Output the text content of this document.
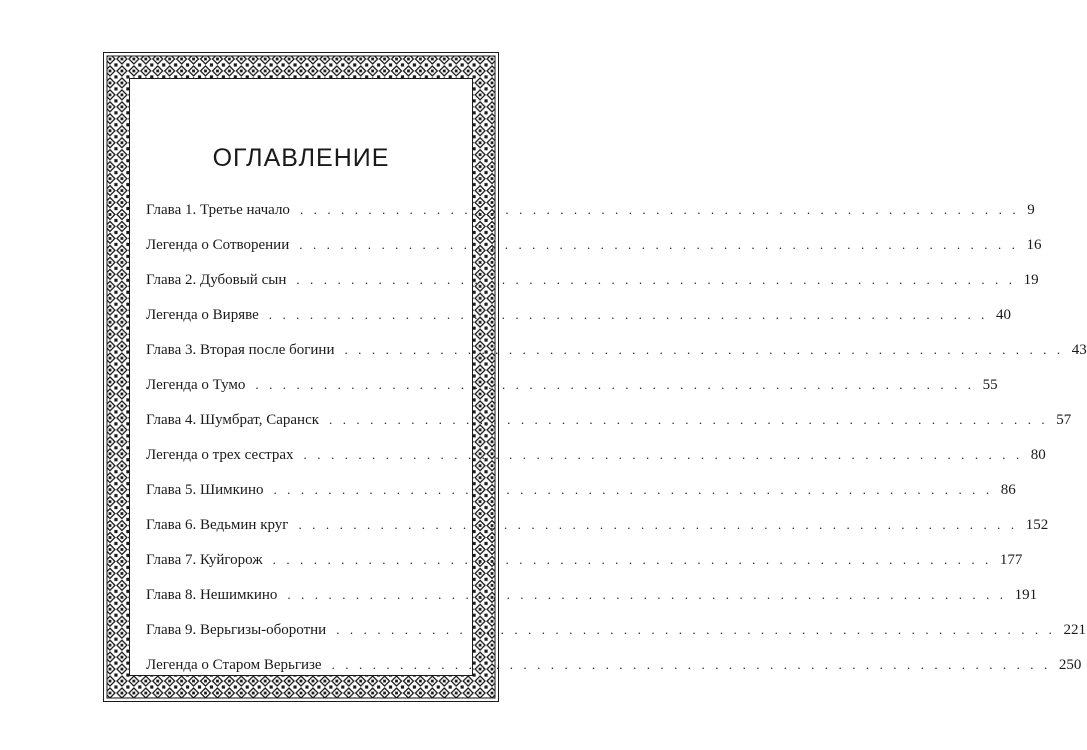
ОГЛАВЛЕНИЕ
Глава 1. Третье начало . . . . . . . . . . . . . . . . . . . . . . . . . . . . . . . . . . . . . . . . . . . . . . . . . . . . . 9
Легенда о Сотворении . . . . . . . . . . . . . . . . . . . . . . . . . . . . . . . . . . . . . . . . . . . . . . . . . . . . . 16
Глава 2. Дубовый сын . . . . . . . . . . . . . . . . . . . . . . . . . . . . . . . . . . . . . . . . . . . . . . . . . . . . . 19
Легенда о Виряве . . . . . . . . . . . . . . . . . . . . . . . . . . . . . . . . . . . . . . . . . . . . . . . . . . . . . 40
Глава 3. Вторая после богини . . . . . . . . . . . . . . . . . . . . . . . . . . . . . . . . . . . . . . . . . . . . . . . . . . . . . 43
Легенда о Тумо . . . . . . . . . . . . . . . . . . . . . . . . . . . . . . . . . . . . . . . . . . . . . . . . . . . . . 55
Глава 4. Шумбрат, Саранск . . . . . . . . . . . . . . . . . . . . . . . . . . . . . . . . . . . . . . . . . . . . . . . . . . . . . 57
Легенда о трех сестрах . . . . . . . . . . . . . . . . . . . . . . . . . . . . . . . . . . . . . . . . . . . . . . . . . . . . . 80
Глава 5. Шимкино . . . . . . . . . . . . . . . . . . . . . . . . . . . . . . . . . . . . . . . . . . . . . . . . . . . . . 86
Глава 6. Ведьмин круг . . . . . . . . . . . . . . . . . . . . . . . . . . . . . . . . . . . . . . . . . . . . . . . . . . . . . 152
Глава 7. Куйгорож . . . . . . . . . . . . . . . . . . . . . . . . . . . . . . . . . . . . . . . . . . . . . . . . . . . . . 177
Глава 8. Нешимкино . . . . . . . . . . . . . . . . . . . . . . . . . . . . . . . . . . . . . . . . . . . . . . . . . . . . . 191
Глава 9. Верьгизы-оборотни . . . . . . . . . . . . . . . . . . . . . . . . . . . . . . . . . . . . . . . . . . . . . . . . . . . . . 221
Легенда о Старом Верьгизе . . . . . . . . . . . . . . . . . . . . . . . . . . . . . . . . . . . . . . . . . . . . . . . . . . . . . 250
